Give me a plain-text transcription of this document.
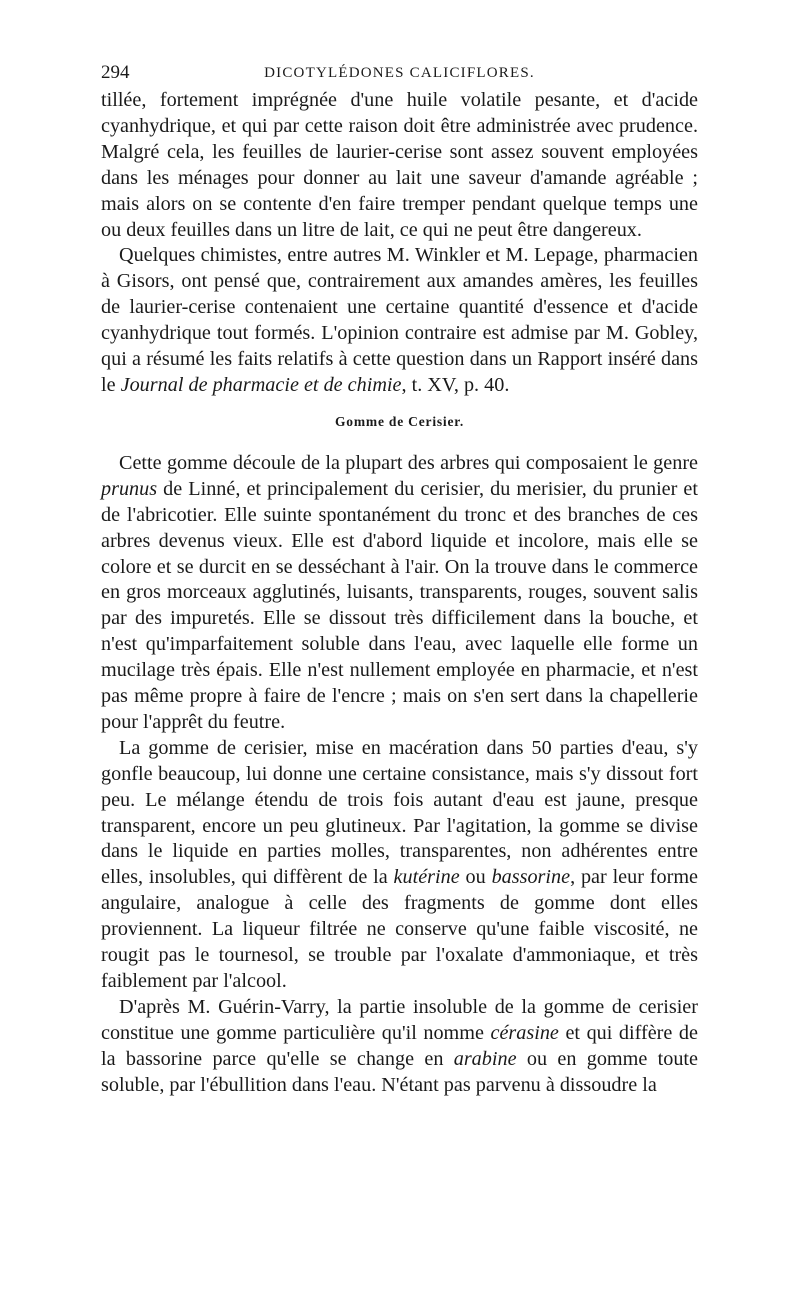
294	DICOTYLÉDONES CALICIFLORES.

tillée, fortement imprégnée d'une huile volatile pesante, et d'acide cyanhydrique, et qui par cette raison doit être administrée avec prudence. Malgré cela, les feuilles de laurier-cerise sont assez souvent employées dans les ménages pour donner au lait une saveur d'amande agréable ; mais alors on se contente d'en faire tremper pendant quelque temps une ou deux feuilles dans un litre de lait, ce qui ne peut être dangereux.

Quelques chimistes, entre autres M. Winkler et M. Lepage, pharmacien à Gisors, ont pensé que, contrairement aux amandes amères, les feuilles de laurier-cerise contenaient une certaine quantité d'essence et d'acide cyanhydrique tout formés. L'opinion contraire est admise par M. Gobley, qui a résumé les faits relatifs à cette question dans un Rapport inséré dans le Journal de pharmacie et de chimie, t. XV, p. 40.

Gomme de Cerisier.

Cette gomme découle de la plupart des arbres qui composaient le genre prunus de Linné, et principalement du cerisier, du merisier, du prunier et de l'abricotier. Elle suinte spontanément du tronc et des branches de ces arbres devenus vieux. Elle est d'abord liquide et incolore, mais elle se colore et se durcit en se desséchant à l'air. On la trouve dans le commerce en gros morceaux agglutinés, luisants, transparents, rouges, souvent salis par des impuretés. Elle se dissout très difficilement dans la bouche, et n'est qu'imparfaitement soluble dans l'eau, avec laquelle elle forme un mucilage très épais. Elle n'est nullement employée en pharmacie, et n'est pas même propre à faire de l'encre ; mais on s'en sert dans la chapellerie pour l'apprêt du feutre.

La gomme de cerisier, mise en macération dans 50 parties d'eau, s'y gonfle beaucoup, lui donne une certaine consistance, mais s'y dissout fort peu. Le mélange étendu de trois fois autant d'eau est jaune, presque transparent, encore un peu glutineux. Par l'agitation, la gomme se divise dans le liquide en parties molles, transparentes, non adhérentes entre elles, insolubles, qui diffèrent de la kutérine ou bassorine, par leur forme angulaire, analogue à celle des fragments de gomme dont elles proviennent. La liqueur filtrée ne conserve qu'une faible viscosité, ne rougit pas le tournesol, se trouble par l'oxalate d'ammoniaque, et très faiblement par l'alcool.

D'après M. Guérin-Varry, la partie insoluble de la gomme de cerisier constitue une gomme particulière qu'il nomme cérasine et qui diffère de la bassorine parce qu'elle se change en arabine ou en gomme toute soluble, par l'ébullition dans l'eau. N'étant pas parvenu à dissoudre la
